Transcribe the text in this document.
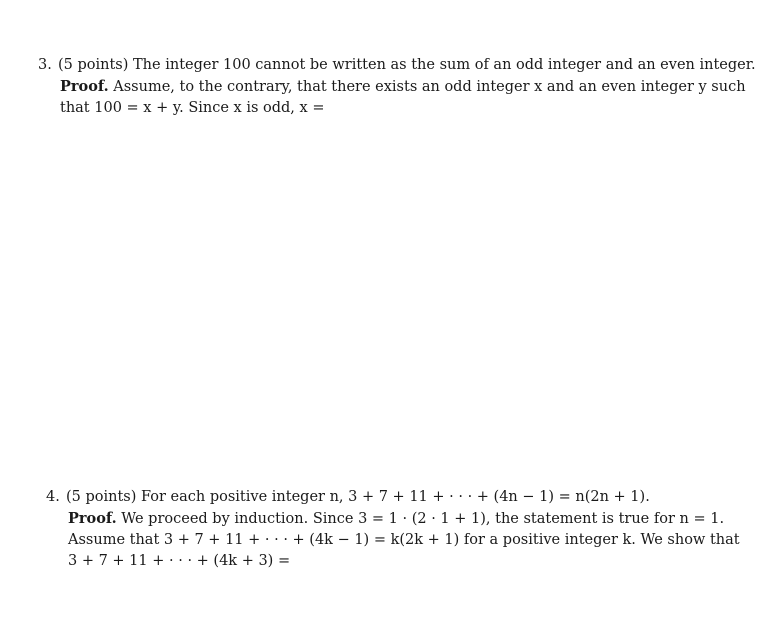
3. (5 points) The integer 100 cannot be written as the sum of an odd integer and an even integer.
Proof. Assume, to the contrary, that there exists an odd integer x and an even integer y such
that 100 = x + y. Since x is odd, x =
4. (5 points) For each positive integer n, 3 + 7 + 11 + · · · + (4n − 1) = n(2n + 1).
Proof. We proceed by induction. Since 3 = 1 · (2 · 1 + 1), the statement is true for n = 1.
Assume that 3 + 7 + 11 + · · · + (4k − 1) = k(2k + 1) for a positive integer k. We show that
3 + 7 + 11 + · · · + (4k + 3) =
